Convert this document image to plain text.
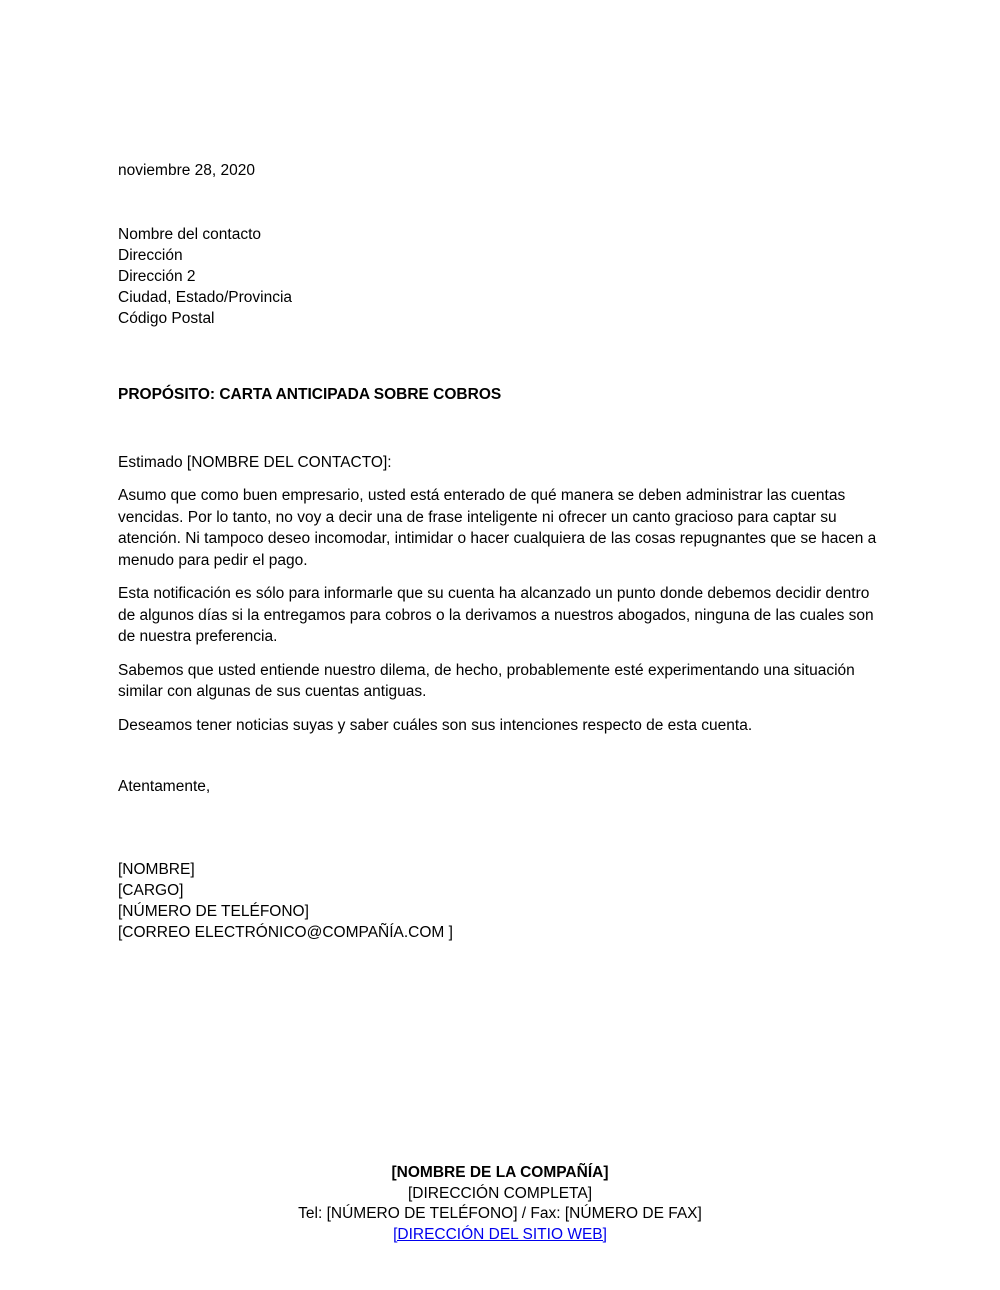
noviembre 28, 2020

Nombre del contacto
Dirección
Dirección 2
Ciudad, Estado/Provincia
Código Postal

PROPÓSITO: CARTA ANTICIPADA SOBRE COBROS

Estimado [NOMBRE DEL CONTACTO]:

Asumo que como buen empresario, usted está enterado de qué manera se deben administrar las cuentas vencidas. Por lo tanto, no voy a decir una de frase inteligente ni ofrecer un canto gracioso para captar su atención. Ni tampoco deseo incomodar, intimidar o hacer cualquiera de las cosas repugnantes que se hacen a menudo para pedir el pago.

Esta notificación es sólo para informarle que su cuenta ha alcanzado un punto donde debemos decidir dentro de algunos días si la entregamos para cobros o la derivamos a nuestros abogados, ninguna de las cuales son de nuestra preferencia.

Sabemos que usted entiende nuestro dilema, de hecho, probablemente esté experimentando una situación similar con algunas de sus cuentas antiguas.

Deseamos tener noticias suyas y saber cuáles son sus intenciones respecto de esta cuenta.

Atentamente,

[NOMBRE]
[CARGO]
[NÚMERO DE TELÉFONO]
[CORREO ELECTRÓNICO@COMPAÑÍA.COM ]

[NOMBRE DE LA COMPAÑÍA]

[DIRECCIÓN COMPLETA]

Tel: [NÚMERO DE TELÉFONO] / Fax: [NÚMERO DE FAX]

[DIRECCIÓN DEL SITIO WEB]
